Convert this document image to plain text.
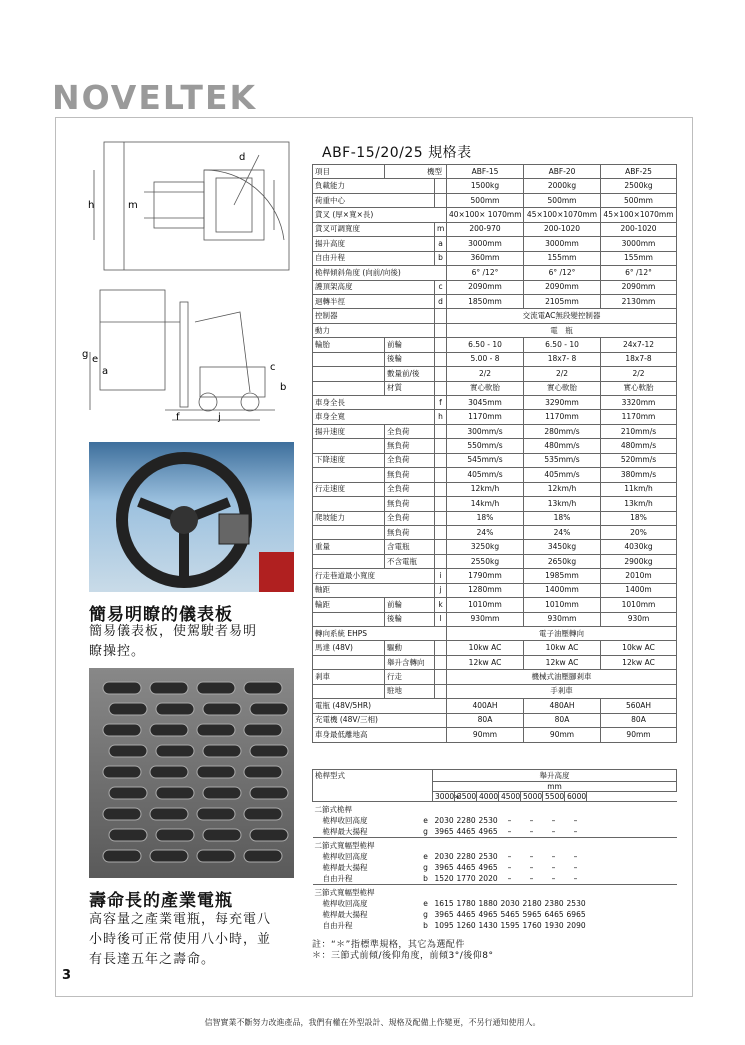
NOVELTEK
d
h	m
g e
a	c
b
f	j
簡易明瞭的儀表板
簡易儀表板，使駕駛者易明
瞭操控。
壽命長的產業電瓶
高容量之產業電瓶，每充電八
小時後可正常使用八小時，並
有長達五年之壽命。
ABF-15/20/25 規格表
項目	機型		ABF-15	ABF-20	ABF-25
負載能力			1500kg	2000kg	2500kg
荷重中心			500mm	500mm	500mm
貨叉 (厚×寬×長)			40×100× 1070mm	45×100×1070mm	45×100×1070mm
貨叉可調寬度		m	200-970	200-1020	200-1020
揚升高度		a	3000mm	3000mm	3000mm
自由升程		b	360mm	155mm	155mm
桅桿傾斜角度 (向前/向後)			6° /12°	6° /12°	6° /12°
護頂架高度		c	2090mm	2090mm	2090mm
迴轉半徑		d	1850mm	2105mm	2130mm
控制器			交流電AC無段變控制器		
動力			電　瓶		
輪胎	前輪		6.50 - 10	6.50 - 10	24x7-12
	後輪		5.00 - 8	18x7- 8	18x7-8
	數量前/後		2/2	2/2	2/2
	材質		實心軟胎	實心軟胎	實心軟胎
車身全長		f	3045mm	3290mm	3320mm
車身全寬		h	1170mm	1170mm	1170mm
揚升速度	全負荷		300mm/s	280mm/s	210mm/s
	無負荷		550mm/s	480mm/s	480mm/s
下降速度	全負荷		545mm/s	535mm/s	520mm/s
	無負荷		405mm/s	405mm/s	380mm/s
行走速度	全負荷		12km/h	12km/h	11km/h
	無負荷		14km/h	13km/h	13km/h
爬坡能力	全負荷		18%	18%	18%
	無負荷		24%	24%	20%
重量	含電瓶		3250kg	3450kg	4030kg
	不含電瓶		2550kg	2650kg	2900kg
行走巷道最小寬度		i	1790mm	1985mm	2010m
軸距		j	1280mm	1400mm	1400m
輪距	前輪	k	1010mm	1010mm	1010mm
	後輪	l	930mm	930mm	930m
轉向系統 EHPS			電子油壓轉向		
馬達 (48V)	驅動		10kw AC	10kw AC	10kw AC
	舉升含轉向		12kw AC	12kw AC	12kw AC
剎車	行走		機械式油壓腳剎車		
	駐地		手剎車		
電瓶 (48V/5HR)			400AH	480AH	560AH
充電機 (48V/三相)			80A	80A	80A
車身最低離地高			90mm	90mm	90mm
桅桿型式			舉升高度							
			mm							
			3000∗	3500	4000	4500	5000	5500	6000	
二節式桅桿										
桅桿收回高度	e		2030	2280	2530	–	–	–	–	
桅桿最大揚程	g		3965	4465	4965	–	–	–	–	
二節式寬幅型桅桿										
桅桿收回高度	e		2030	2280	2530	–	–	–	–	
桅桿最大揚程	g		3965	4465	4965	–	–	–	–	
自由升程	b		1520	1770	2020	–	–	–	–	
三節式寬幅型桅桿										
桅桿收回高度	e		1615	1780	1880	2030	2180	2380	2530	
桅桿最大揚程	g		3965	4465	4965	5465	5965	6465	6965	
自由升程	b		1095	1260	1430	1595	1760	1930	2090	
註：“＊”指標準規格，其它為選配件
＊：三節式前傾/後仰角度，前傾3°/後仰8°
3
信智實業不斷努力改進產品，我們有權在外型設計、規格及配備上作變更，不另行通知使用人。
